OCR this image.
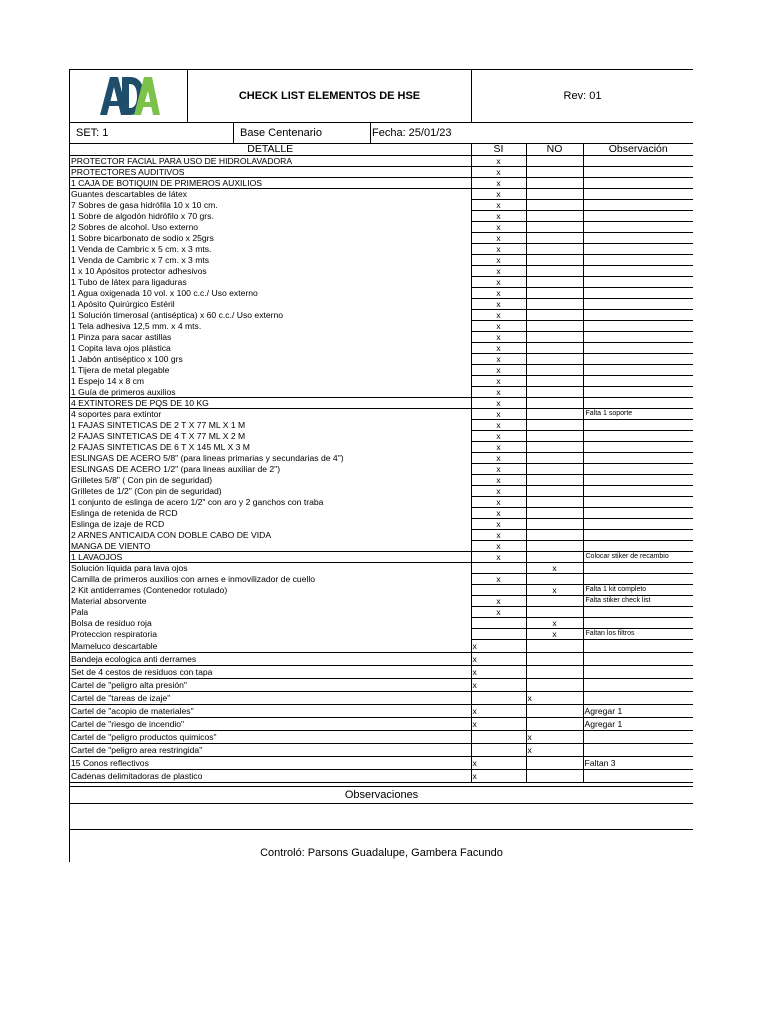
CHECK LIST ELEMENTOS DE HSE	Rev: 01
SET: 1	Base Centenario	Fecha: 25/01/23
DETALLE	SI	NO	Observación
PROTECTOR FACIAL PARA USO DE HIDROLAVADORA	x		
PROTECTORES AUDITIVOS	x		
1 CAJA DE BOTIQUIN DE PRIMEROS AUXILIOS	x		
Guantes descartables de látex	x		
7 Sobres de gasa hidrófila 10 x 10 cm.	x		
1 Sobre de algodón hidrófilo x 70 grs.	x		
2 Sobres de alcohol. Uso externo	x		
1 Sobre bicarbonato de sodio x 25grs	x		
1 Venda de Cambric x 5 cm. x 3 mts.	x		
1 Venda de Cambric x 7 cm. x 3 mts	x		
1 x 10 Apósitos protector adhesivos	x		
1 Tubo de látex para ligaduras	x		
1 Agua oxigenada 10 vol. x 100 c.c./ Uso externo	x		
1 Apósito Quirúrgico Estéril	x		
1 Solución timerosal (antiséptica) x 60 c.c./ Uso externo	x		
1 Tela adhesiva 12,5 mm. x 4 mts.	x		
1 Pinza para sacar astillas	x		
1 Copita lava ojos plástica	x		
1 Jabón antiséptico x 100 grs	x		
1 Tijera de metal plegable	x		
1 Espejo 14 x 8 cm	x		
1 Guía de primeros auxilios	x		
4 EXTINTORES DE PQS DE 10 KG	x		
4 soportes para extintor	x		Falta 1 soporte
1 FAJAS SINTETICAS DE 2 T X 77 ML X 1 M	x		
2 FAJAS SINTETICAS DE 4 T X 77 ML X 2 M	x		
2 FAJAS SINTETICAS DE 6 T X 145 ML X 3 M	x		
ESLINGAS DE ACERO 5/8" (para lineas primarias y secundarias de 4")	x		
ESLINGAS DE ACERO 1/2" (para lineas auxiliar de 2")	x		
Grilletes 5/8" ( Con pin de seguridad)	x		
Grilletes de 1/2" (Con pin de seguridad)	x		
1 conjunto de eslinga de acero 1/2" con aro y 2 ganchos con traba	x		
Eslinga de retenida de RCD	x		
Eslinga de izaje de RCD	x		
2 ARNES ANTICAIDA CON DOBLE CABO DE VIDA	x		
MANGA DE VIENTO	x		
1 LAVAOJOS	x		Colocar stiker de recambio
Solución líquida para lava ojos		x	
Camilla de primeros auxilios con arnes e inmovilizador de cuello	x		
2 Kit antiderrames (Contenedor rotulado)		x	Falta 1 kit completo
Material absorvente	x		Falta stiker check list
Pala	x		
Bolsa de residuo roja		x	
Proteccion respiratoria		x	Faltan los filtros
Mameluco descartable	x		
Bandeja ecologica anti derrames	x		
Set de 4 cestos de residuos con tapa	x		
Cartel de "peligro alta presión"	x		
Cartel de "tareas de izaje"		x	
Cartel de "acopio de materiales"	x		Agregar 1
Cartel de "riesgo de incendio"	x		Agregar 1
Cartel de "peligro productos quimicos"		x	
Cartel de "peligro area restringida"		x	
15 Conos reflectivos	x		Faltan 3
Cadenas delimitadoras de plastico	x		
Observaciones
Controló: Parsons Guadalupe, Gambera Facundo
